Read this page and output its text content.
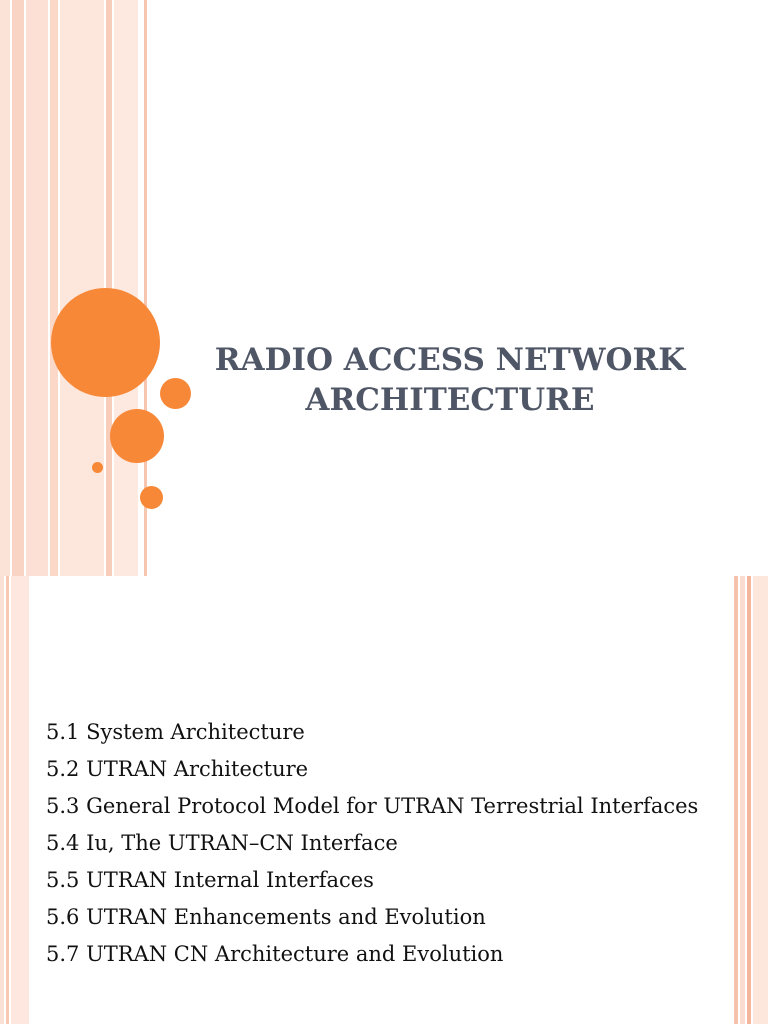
RADIO ACCESS NETWORK
ARCHITECTURE
5.1 System Architecture
5.2 UTRAN Architecture
5.3 General Protocol Model for UTRAN Terrestrial Interfaces
5.4 Iu, The UTRAN–CN Interface
5.5 UTRAN Internal Interfaces
5.6 UTRAN Enhancements and Evolution
5.7 UTRAN CN Architecture and Evolution
